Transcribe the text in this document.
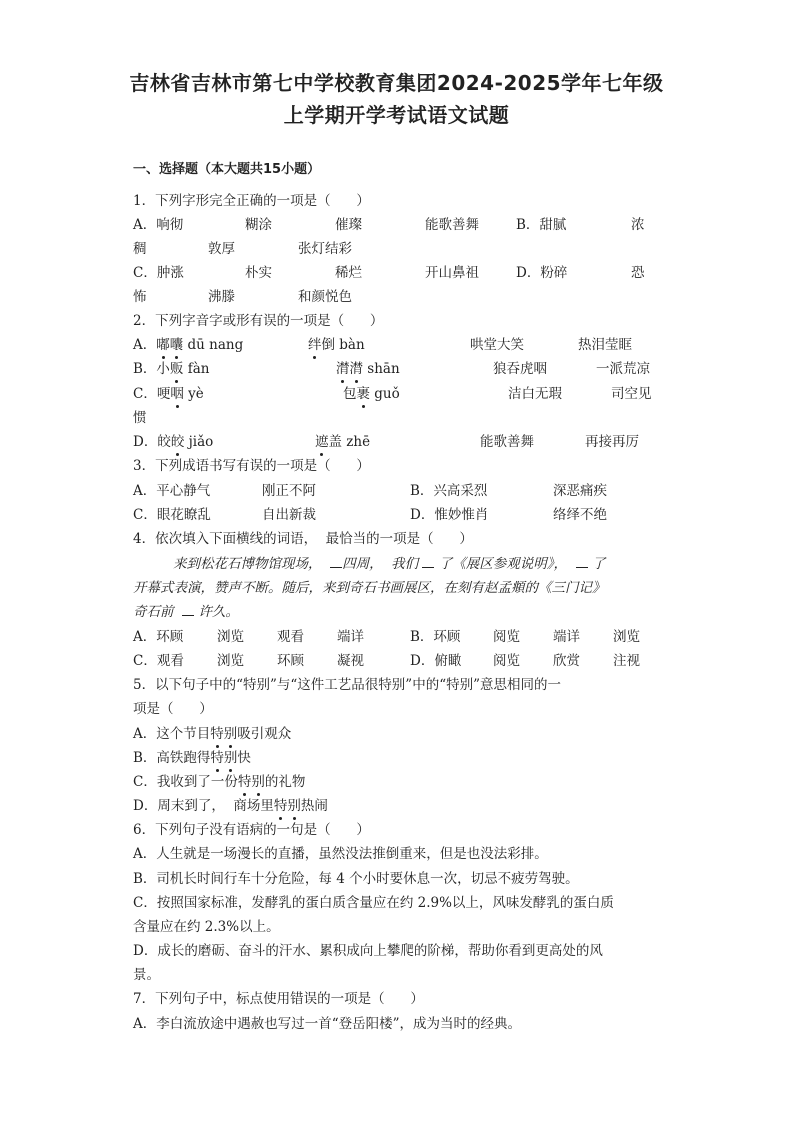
吉林省吉林市第七中学校教育集团2024-2025学年七年级
上学期开学考试语文试题
一、选择题（本大题共15小题）
1．下列字形完全正确的一项是（      ）
A．响彻	糊涂	催璨	能歌善舞	B．甜腻	浓
稠	敦厚	张灯结彩
C．肿涨	朴实	稀烂	开山鼻祖	D．粉碎	恐
怖	沸滕	和颜悦色
2．下列字音字或形有误的一项是（      ）
A．嘟囔 dū nang	绊倒 bàn	哄堂大笑	热泪莹眶
B．小贩 fàn	潸潸 shān	狼吞虎咽	一派荒凉
C．哽咽 yè	包裹 guǒ	洁白无瑕	司空见
惯
D．皎皎 jiǎo	遮盖 zhē	能歌善舞	再接再厉
3．下列成语书写有误的一项是（      ）
A．平心静气	刚正不阿	B．兴高采烈	深恶痛疾
C．眼花瞭乱	自出新裁	D．惟妙惟肖	络绎不绝
4．依次填入下面横线的词语，  最恰当的一项是（      ）
来到松花石博物馆现场， 四周，  我们 了《展区参观说明》， 了
开幕式表演，赞声不断。随后，来到奇石书画展区，在刻有赵孟頫的《三门记》
奇石前 许久。
A．环顾	浏览 观看 端详	B．环顾 阅览 端详 浏览
C．观看 浏览 环顾 凝视	D．俯瞰 阅览 欣赏 注视
5．以下句子中的“特别”与“这件工艺品很特别”中的“特别”意思相同的一
项是（      ）
A．这个节目特别吸引观众
B．高铁跑得特别快
C．我收到了一份特别的礼物
D．周末到了，  商场里特别热闹
6．下列句子没有语病的一句是（      ）
A．人生就是一场漫长的直播，虽然没法推倒重来，但是也没法彩排。
B．司机长时间行车十分危险，每 4 个小时要休息一次，切忌不疲劳驾驶。
C．按照国家标准，发酵乳的蛋白质含量应在约 2.9%以上，风味发酵乳的蛋白质
含量应在约 2.3%以上。
D．成长的磨砺、奋斗的汗水、累积成向上攀爬的阶梯，帮助你看到更高处的风
景。
7．下列句子中，标点使用错误的一项是（      ）
A．李白流放途中遇赦也写过一首“登岳阳楼”，成为当时的经典。
